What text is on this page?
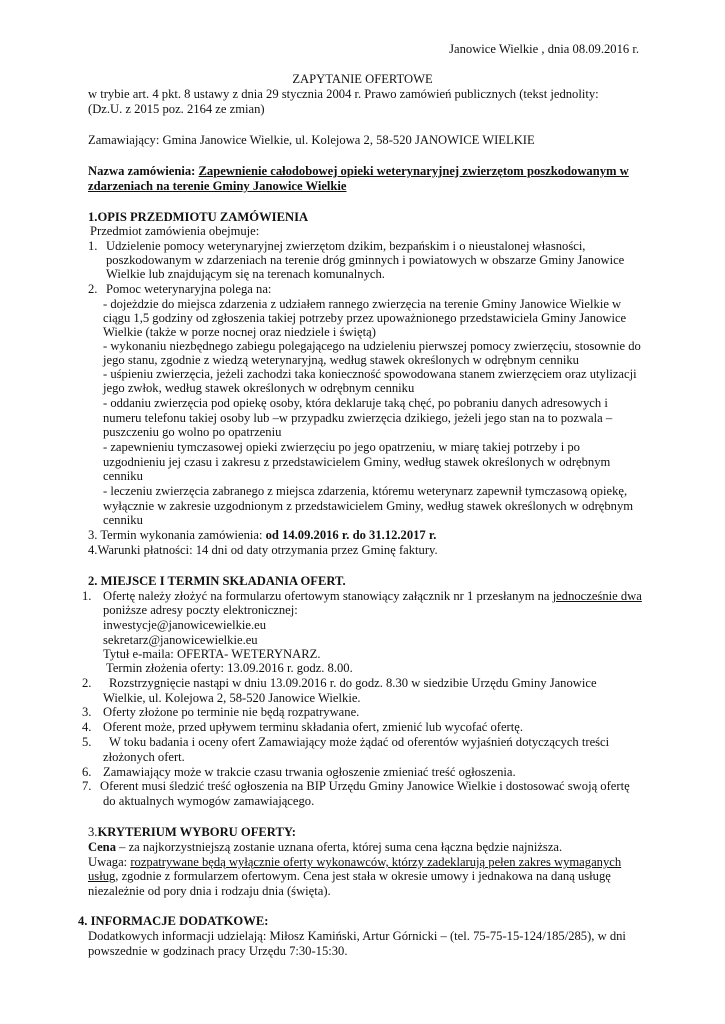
Janowice Wielkie , dnia 08.09.2016 r.
ZAPYTANIE OFERTOWE
w trybie art. 4 pkt. 8 ustawy z dnia 29 stycznia 2004 r. Prawo zamówień publicznych (tekst jednolity:
(Dz.U. z 2015 poz. 2164 ze zmian)
Zamawiający: Gmina Janowice Wielkie, ul. Kolejowa 2, 58-520 JANOWICE WIELKIE
Nazwa zamówienia: Zapewnienie całodobowej opieki weterynaryjnej zwierzętom poszkodowanym w
zdarzeniach na terenie Gminy Janowice Wielkie
1.OPIS PRZEDMIOTU ZAMÓWIENIA
Przedmiot zamówienia obejmuje:
1. Udzielenie pomocy weterynaryjnej zwierzętom dzikim, bezpańskim i o nieustalonej własności,
poszkodowanym w zdarzeniach na terenie dróg gminnych i powiatowych w obszarze Gminy Janowice
Wielkie lub znajdującym się na terenach komunalnych.
2. Pomoc weterynaryjna polega na:
- dojeżdzie do miejsca zdarzenia z udziałem rannego zwierzęcia na terenie Gminy Janowice Wielkie w
ciągu 1,5 godziny od zgłoszenia takiej potrzeby przez upoważnionego przedstawiciela Gminy Janowice
Wielkie (także w porze nocnej oraz niedziele i świętą)
- wykonaniu niezbędnego zabiegu polegającego na udzieleniu pierwszej pomocy zwierzęciu, stosownie do
jego stanu, zgodnie z wiedzą weterynaryjną, według stawek określonych w odrębnym cenniku
- uśpieniu zwierzęcia, jeżeli zachodzi taka konieczność spowodowana stanem zwierzęciem oraz utylizacji
jego zwłok, według stawek określonych w odrębnym cenniku
- oddaniu zwierzęcia pod opiekę osoby, która deklaruje taką chęć, po pobraniu danych adresowych i
numeru telefonu takiej osoby lub –w przypadku zwierzęcia dzikiego, jeżeli jego stan na to pozwala –
puszczeniu go wolno po opatrzeniu
- zapewnieniu tymczasowej opieki zwierzęciu po jego opatrzeniu, w miarę takiej potrzeby i po
uzgodnieniu jej czasu i zakresu z przedstawicielem Gminy, według stawek określonych w odrębnym
cenniku
- leczeniu zwierzęcia zabranego z miejsca zdarzenia, któremu weterynarz zapewnił tymczasową opiekę,
wyłącznie w zakresie uzgodnionym z przedstawicielem Gminy, według stawek określonych w odrębnym
cenniku
3. Termin wykonania zamówienia: od 14.09.2016 r. do 31.12.2017 r.
4.Warunki płatności: 14 dni od daty otrzymania przez Gminę faktury.
2. MIEJSCE I TERMIN SKŁADANIA OFERT.
1. Ofertę należy złożyć na formularzu ofertowym stanowiący załącznik nr 1 przesłanym na jednocześnie dwa
poniższe adresy poczty elektronicznej:
inwestycje@janowicewielkie.eu
sekretarz@janowicewielkie.eu
Tytuł e-maila: OFERTA- WETERYNARZ.
Termin złożenia oferty: 13.09.2016 r. godz. 8.00.
2. Rozstrzygnięcie nastąpi w dniu 13.09.2016 r. do godz. 8.30 w siedzibie Urzędu Gminy Janowice
Wielkie, ul. Kolejowa 2, 58-520 Janowice Wielkie.
3. Oferty złożone po terminie nie będą rozpatrywane.
4. Oferent może, przed upływem terminu składania ofert, zmienić lub wycofać ofertę.
5. W toku badania i oceny ofert Zamawiający może żądać od oferentów wyjaśnień dotyczących treści
złożonych ofert.
6. Zamawiający może w trakcie czasu trwania ogłoszenie zmieniać treść ogłoszenia.
7. Oferent musi śledzić treść ogłoszenia na BIP Urzędu Gminy Janowice Wielkie i dostosować swoją ofertę
do aktualnych wymogów zamawiającego.
3.KRYTERIUM WYBORU OFERTY:
Cena – za najkorzystniejszą zostanie uznana oferta, której suma cena łączna będzie najniższa.
Uwaga: rozpatrywane będą wyłącznie oferty wykonawców, którzy zadeklarują pełen zakres wymaganych
usług, zgodnie z formularzem ofertowym. Cena jest stała w okresie umowy i jednakowa na daną usługę
niezależnie od pory dnia i rodzaju dnia (święta).
4. INFORMACJE DODATKOWE:
Dodatkowych informacji udzielają: Miłosz Kamiński, Artur Górnicki – (tel. 75-75-15-124/185/285), w dni
powszednie w godzinach pracy Urzędu 7:30-15:30.
